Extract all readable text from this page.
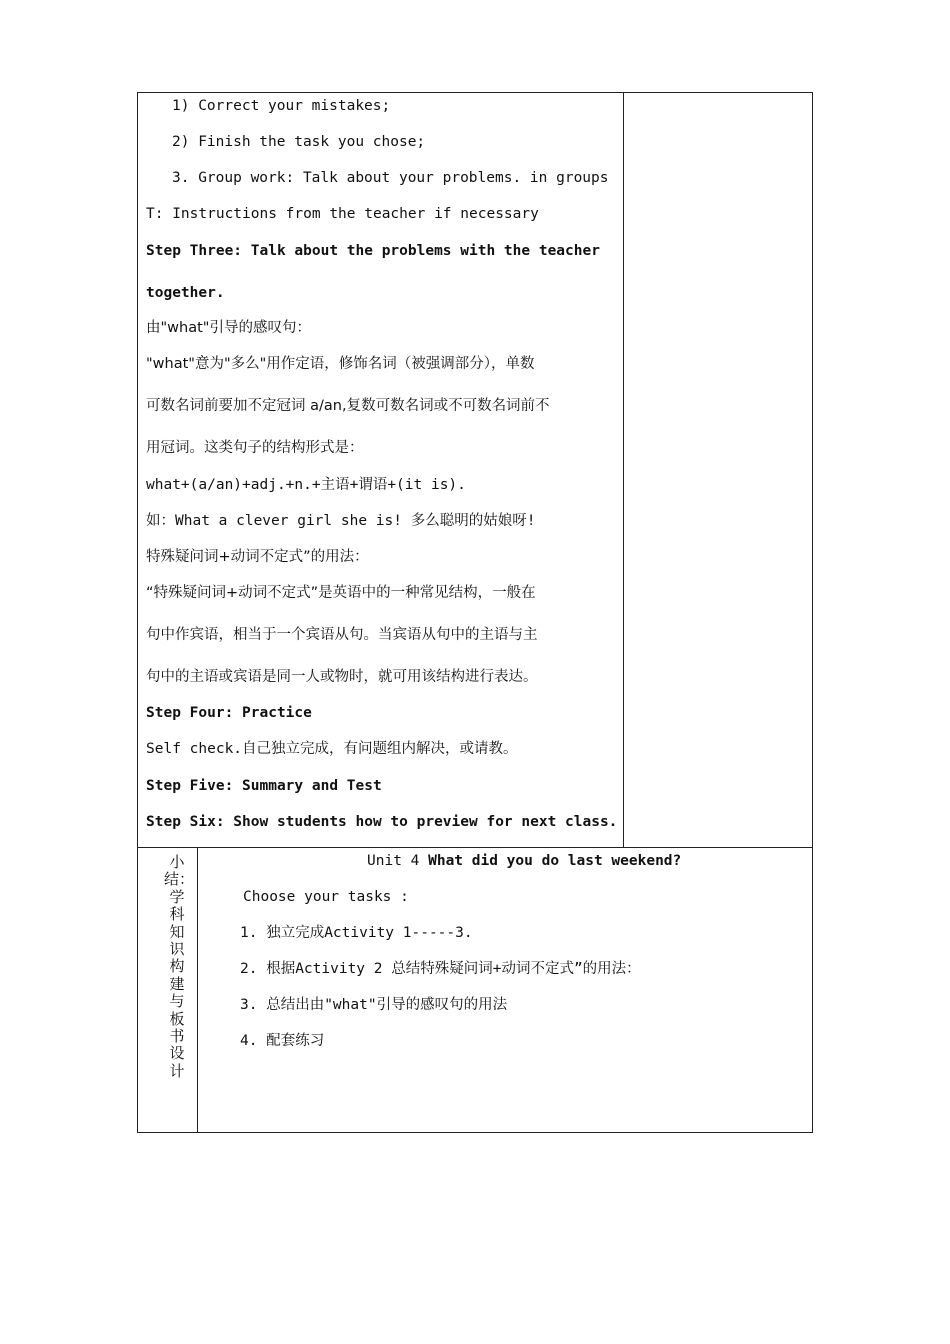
1) Correct your mistakes;
2) Finish the task you chose;
3. Group work: Talk about your problems. in groups
T: Instructions from the teacher if necessary
Step Three: Talk about the problems with the teacher
together.
由"what"引导的感叹句：
"what"意为"多么"用作定语，修饰名词（被强调部分），单数
可数名词前要加不定冠词 a/an,复数可数名词或不可数名词前不
用冠词。这类句子的结构形式是：
what+(a/an)+adj.+n.+主语+谓语+(it is).
如：What a clever girl she is! 多么聪明的姑娘呀!
特殊疑问词+动词不定式”的用法：
“特殊疑问词+动词不定式”是英语中的一种常见结构，一般在
句中作宾语，相当于一个宾语从句。当宾语从句中的主语与主
句中的主语或宾语是同一人或物时，就可用该结构进行表达。
Step Four: Practice
Self check.自己独立完成，有问题组内解决，或请教。
Step Five: Summary and Test
Step Six: Show students how to preview for next class.
小结：学科知识构建与板书设计
Unit 4 What did you do last weekend?
Choose your tasks :
1. 独立完成Activity 1-----3.
2. 根据Activity 2 总结特殊疑问词+动词不定式”的用法：
3. 总结出由"what"引导的感叹句的用法
4. 配套练习
